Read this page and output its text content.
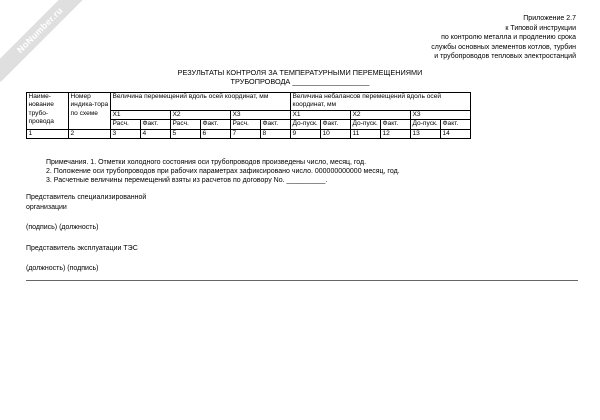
NoNumber.ru	Приложение 2.7
к Типовой инструкции
по контролю металла и продлению срока
службы основных элементов котлов, турбин
и трубопроводов тепловых электростанций
РЕЗУЛЬТАТЫ КОНТРОЛЯ ЗА ТЕМПЕРАТУРНЫМИ ПЕРЕМЕЩЕНИЯМИ
ТРУБОПРОВОДА ___________________
Наиме-нование трубо-провода	Номер индика-тора по схеме	Величина перемещений вдоль осей координат, мм						Величина небалансов перемещений вдоль осей координат, мм					
		X1		X2		X3		X1		X2		X3	
		Расч.	Факт.	Расч.	Факт.	Расч.	Факт.	До-пуск.	Факт.	До-пуск.	Факт.	До-пуск.	Факт.
1	2	3	4	5	6	7	8	9	10	11	12	13	14
Примечания. 1. Отметки холодного состояния оси трубопроводов произведены число, месяц, год.
2. Положение оси трубопроводов при рабочих параметрах зафиксировано число. 000000000000 месяц, год.
3. Расчетные величины перемещений взяты из расчетов по договору No. __________.
Представитель специализированной
организации
(подпись) (должность)
Представитель эксплуатации ТЭС
(должность) (подпись)
